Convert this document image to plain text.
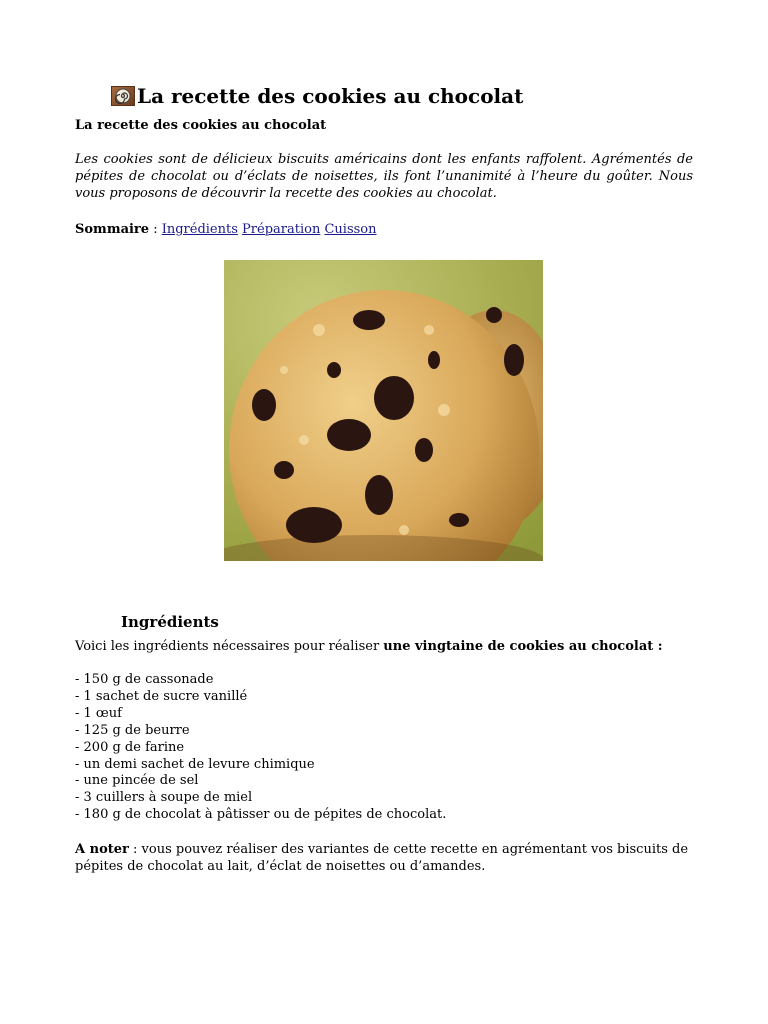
La recette des cookies au chocolat
La recette des cookies au chocolat

Les cookies sont de délicieux biscuits américains dont les enfants raffolent. Agrémentés de pépites de chocolat ou d’éclats de noisettes, ils font l’unanimité à l’heure du goûter. Nous vous proposons de découvrir la recette des cookies au chocolat.

Sommaire : Ingrédients Préparation Cuisson
Ingrédients
Voici les ingrédients nécessaires pour réaliser une vingtaine de cookies au chocolat :
- 150 g de cassonade
- 1 sachet de sucre vanillé
- 1 œuf
- 125 g de beurre
- 200 g de farine
- un demi sachet de levure chimique
- une pincée de sel
- 3 cuillers à soupe de miel
- 180 g de chocolat à pâtisser ou de pépites de chocolat.

A noter : vous pouvez réaliser des variantes de cette recette en agrémentant vos biscuits de pépites de chocolat au lait, d’éclat de noisettes ou d’amandes.
